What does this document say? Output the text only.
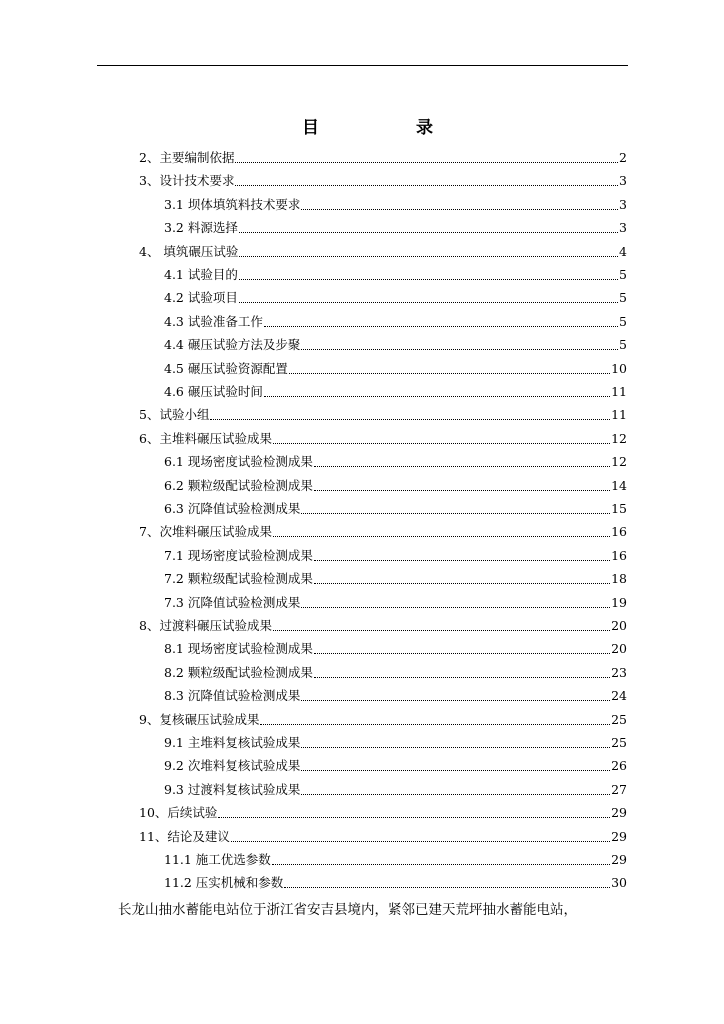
目	录
2、主要编制依据	2
3、设计技术要求	3
3.1 坝体填筑料技术要求	3
3.2 料源选择	3
4、 填筑碾压试验	4
4.1 试验目的	5
4.2 试验项目	5
4.3 试验准备工作	5
4.4 碾压试验方法及步聚	5
4.5 碾压试验资源配置	10
4.6 碾压试验时间	11
5、试验小组	11
6、主堆料碾压试验成果	12
6.1 现场密度试验检测成果	12
6.2 颗粒级配试验检测成果	14
6.3 沉降值试验检测成果	15
7、次堆料碾压试验成果	16
7.1 现场密度试验检测成果	16
7.2 颗粒级配试验检测成果	18
7.3 沉降值试验检测成果	19
8、过渡料碾压试验成果	20
8.1 现场密度试验检测成果	20
8.2 颗粒级配试验检测成果	23
8.3 沉降值试验检测成果	24
9、复核碾压试验成果	25
9.1 主堆料复核试验成果	25
9.2 次堆料复核试验成果	26
9.3 过渡料复核试验成果	27
10、后续试验	29
11、结论及建议	29
11.1 施工优选参数	29
11.2 压实机械和参数	30
长龙山抽水蓄能电站位于浙江省安吉县境内，紧邻已建天荒坪抽水蓄能电站，
